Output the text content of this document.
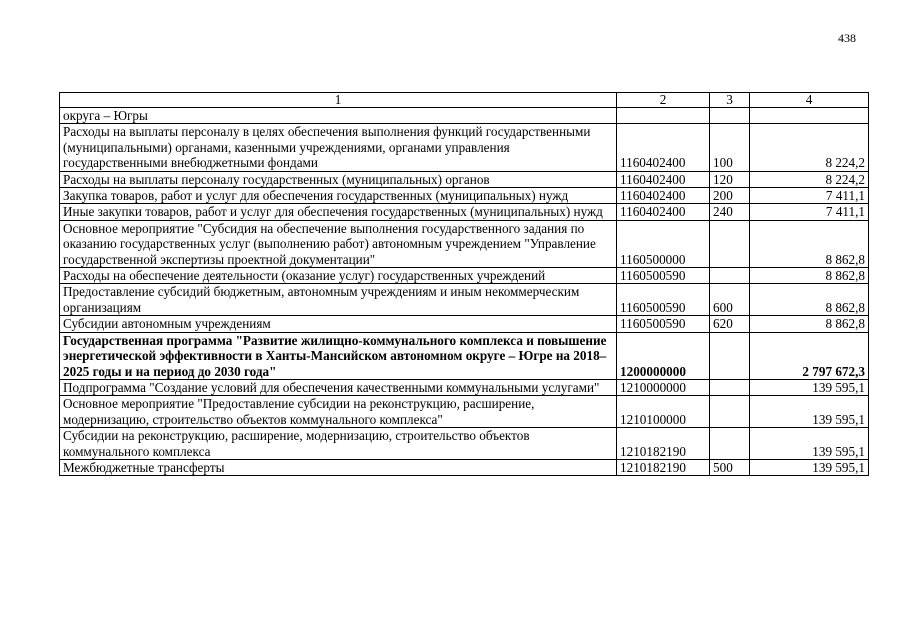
438
1	2	3	4
округа – Югры			
Расходы на выплаты персоналу в целях обеспечения выполнения функций государственными (муниципальными) органами, казенными учреждениями, органами управления государственными внебюджетными фондами	1160402400	100	8 224,2
Расходы на выплаты персоналу государственных (муниципальных) органов	1160402400	120	8 224,2
Закупка товаров, работ и услуг для обеспечения государственных (муниципальных) нужд	1160402400	200	7 411,1
Иные закупки товаров, работ и услуг для обеспечения государственных (муниципальных) нужд	1160402400	240	7 411,1
Основное мероприятие "Субсидия на обеспечение выполнения государственного задания по оказанию государственных услуг (выполнению работ) автономным учреждением "Управление государственной экспертизы проектной документации"	1160500000		8 862,8
Расходы на обеспечение деятельности (оказание услуг) государственных учреждений	1160500590		8 862,8
Предоставление субсидий бюджетным, автономным учреждениям и иным некоммерческим организациям	1160500590	600	8 862,8
Субсидии автономным учреждениям	1160500590	620	8 862,8
Государственная программа "Развитие жилищно-коммунального комплекса и повышение энергетической эффективности в Ханты-Мансийском автономном округе – Югре на 2018–2025 годы и на период до 2030 года"	1200000000		2 797 672,3
Подпрограмма "Создание условий для обеспечения качественными коммунальными услугами"	1210000000		139 595,1
Основное мероприятие "Предоставление субсидии на реконструкцию, расширение, модернизацию, строительство объектов коммунального комплекса"	1210100000		139 595,1
Субсидии на реконструкцию, расширение, модернизацию, строительство объектов коммунального комплекса	1210182190		139 595,1
Межбюджетные трансферты	1210182190	500	139 595,1
